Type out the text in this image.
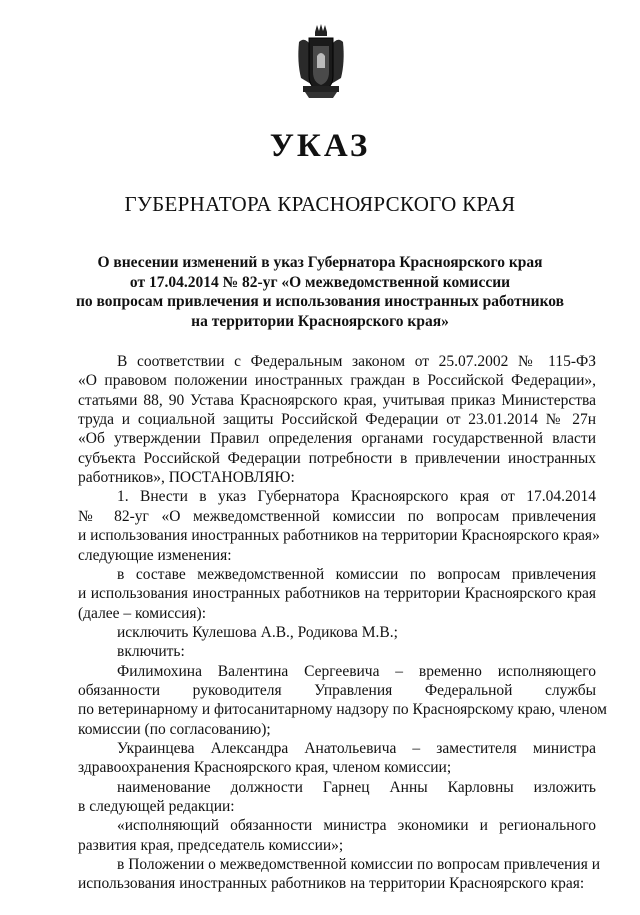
УКАЗ
ГУБЕРНАТОРА КРАСНОЯРСКОГО КРАЯ
О внесении изменений в указ Губернатора Красноярского края
от 17.04.2014 № 82-уг «О межведомственной комиссии
по вопросам привлечения и использования иностранных работников
на территории Красноярского края»
В соответствии с Федеральным законом от 25.07.2002 № 115-ФЗ
«О правовом положении иностранных граждан в Российской Федерации»,
статьями 88, 90 Устава Красноярского края, учитывая приказ Министерства
труда и социальной защиты Российской Федерации от 23.01.2014 № 27н
«Об утверждении Правил определения органами государственной власти
субъекта Российской Федерации потребности в привлечении иностранных
работников», ПОСТАНОВЛЯЮ:
1. Внести в указ Губернатора Красноярского края от 17.04.2014
№ 82-уг «О межведомственной комиссии по вопросам привлечения
и использования иностранных работников на территории Красноярского края»
следующие изменения:
в составе межведомственной комиссии по вопросам привлечения
и использования иностранных работников на территории Красноярского края
(далее – комиссия):
исключить Кулешова А.В., Родикова М.В.;
включить:
Филимохина Валентина Сергеевича – временно исполняющего
обязанности руководителя Управления Федеральной службы
по ветеринарному и фитосанитарному надзору по Красноярскому краю, членом
комиссии (по согласованию);
Украинцева Александра Анатольевича – заместителя министра
здравоохранения Красноярского края, членом комиссии;
наименование должности Гарнец Анны Карловны изложить
в следующей редакции:
«исполняющий обязанности министра экономики и регионального
развития края, председатель комиссии»;
в Положении о межведомственной комиссии по вопросам привлечения и
использования иностранных работников на территории Красноярского края:
